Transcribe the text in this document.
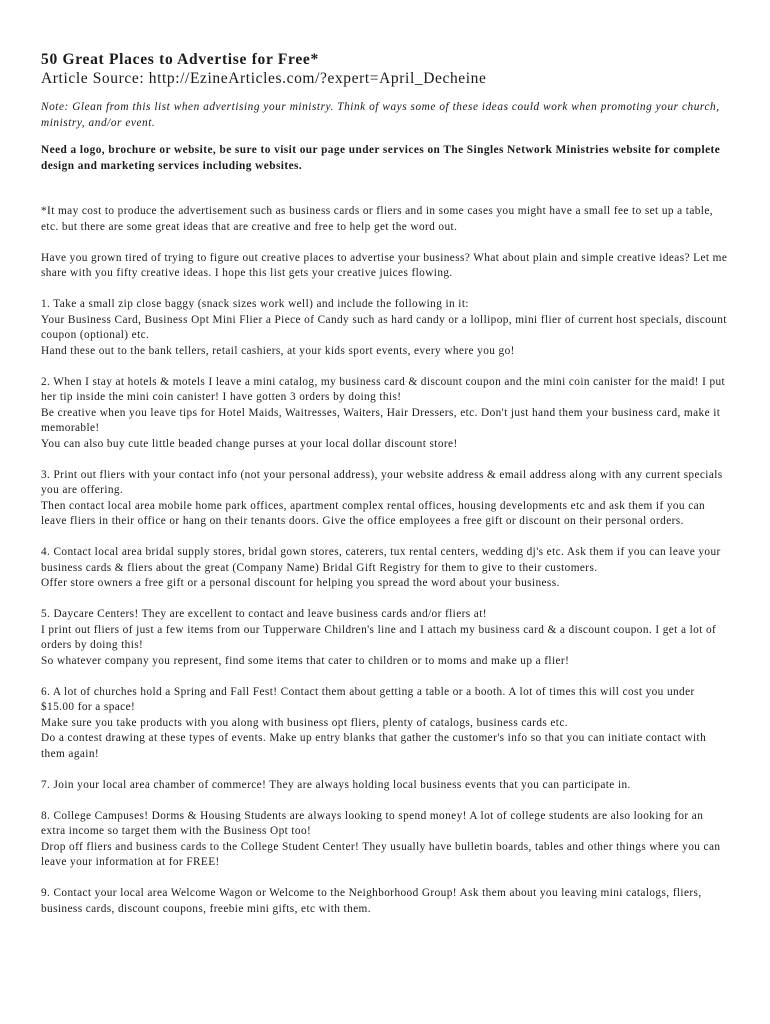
50 Great Places to Advertise for Free*

Article Source: http://EzineArticles.com/?expert=April_Decheine

Note: Glean from this list when advertising your ministry. Think of ways some of these ideas could work when promoting your church, ministry, and/or event.

Need a logo, brochure or website, be sure to visit our page under services on The Singles Network Ministries website for complete design and marketing services including websites.

*It may cost to produce the advertisement such as business cards or fliers and in some cases you might have a small fee to set up a table, etc. but there are some great ideas that are creative and free to help get the word out.

Have you grown tired of trying to figure out creative places to advertise your business? What about plain and simple creative ideas? Let me share with you fifty creative ideas. I hope this list gets your creative juices flowing.

1. Take a small zip close baggy (snack sizes work well) and include the following in it:
Your Business Card, Business Opt Mini Flier a Piece of Candy such as hard candy or a lollipop, mini flier of current host specials, discount coupon (optional) etc.
Hand these out to the bank tellers, retail cashiers, at your kids sport events, every where you go!

2. When I stay at hotels & motels I leave a mini catalog, my business card & discount coupon and the mini coin canister for the maid! I put her tip inside the mini coin canister! I have gotten 3 orders by doing this!
Be creative when you leave tips for Hotel Maids, Waitresses, Waiters, Hair Dressers, etc. Don't just hand them your business card, make it memorable!
You can also buy cute little beaded change purses at your local dollar discount store!

3. Print out fliers with your contact info (not your personal address), your website address & email address along with any current specials you are offering.
Then contact local area mobile home park offices, apartment complex rental offices, housing developments etc and ask them if you can leave fliers in their office or hang on their tenants doors. Give the office employees a free gift or discount on their personal orders.

4. Contact local area bridal supply stores, bridal gown stores, caterers, tux rental centers, wedding dj's etc. Ask them if you can leave your business cards & fliers about the great (Company Name) Bridal Gift Registry for them to give to their customers.
Offer store owners a free gift or a personal discount for helping you spread the word about your business.

5. Daycare Centers! They are excellent to contact and leave business cards and/or fliers at!
I print out fliers of just a few items from our Tupperware Children's line and I attach my business card & a discount coupon. I get a lot of orders by doing this!
So whatever company you represent, find some items that cater to children or to moms and make up a flier!

6. A lot of churches hold a Spring and Fall Fest! Contact them about getting a table or a booth. A lot of times this will cost you under $15.00 for a space!
Make sure you take products with you along with business opt fliers, plenty of catalogs, business cards etc.
Do a contest drawing at these types of events. Make up entry blanks that gather the customer's info so that you can initiate contact with them again!

7. Join your local area chamber of commerce! They are always holding local business events that you can participate in.

8. College Campuses! Dorms & Housing Students are always looking to spend money! A lot of college students are also looking for an extra income so target them with the Business Opt too!
Drop off fliers and business cards to the College Student Center! They usually have bulletin boards, tables and other things where you can leave your information at for FREE!

9. Contact your local area Welcome Wagon or Welcome to the Neighborhood Group! Ask them about you leaving mini catalogs, fliers, business cards, discount coupons, freebie mini gifts, etc with them.
